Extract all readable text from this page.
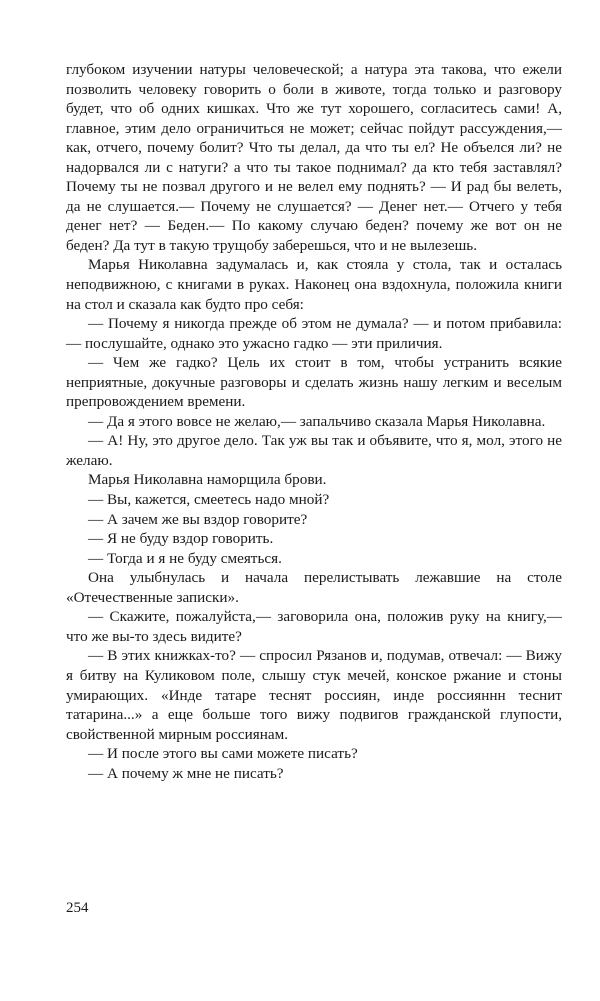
глубоком изучении натуры человеческой; а натура эта такова, что ежели позволить человеку говорить о боли в животе, тогда только и разговору будет, что об одних кишках. Что же тут хорошего, согласитесь сами! А, главное, этим дело ограничиться не может; сейчас пойдут рассуждения,— как, отчего, почему болит? Что ты делал, да что ты ел? Не объелся ли? не надорвался ли с натуги? а что ты такое поднимал? да кто тебя заставлял? Почему ты не позвал другого и не велел ему поднять? — И рад бы велеть, да не слушается.— Почему не слушается? — Денег нет.— Отчего у тебя денег нет? — Беден.— По какому случаю беден? почему же вот он не беден? Да тут в такую трущобу заберешься, что и не вылезешь.

Марья Николавна задумалась и, как стояла у стола, так и осталась неподвижною, с книгами в руках. Наконец она вздохнула, положила книги на стол и сказала как будто про себя:

— Почему я никогда прежде об этом не думала? — и потом прибавила: — послушайте, однако это ужасно гадко — эти приличия.

— Чем же гадко? Цель их стоит в том, чтобы устранить всякие неприятные, докучные разговоры и сделать жизнь нашу легким и веселым препровождением времени.

— Да я этого вовсе не желаю,— запальчиво сказала Марья Николавна.

— А! Ну, это другое дело. Так уж вы так и объявите, что я, мол, этого не желаю.

Марья Николавна наморщила брови.

— Вы, кажется, смеетесь надо мной?

— А зачем же вы вздор говорите?

— Я не буду вздор говорить.

— Тогда и я не буду смеяться.

Она улыбнулась и начала перелистывать лежавшие на столе «Отечественные записки».

— Скажите, пожалуйста,— заговорила она, положив руку на книгу,— что же вы-то здесь видите?

— В этих книжках-то? — спросил Рязанов и, подумав, отвечал: — Вижу я битву на Куликовом поле, слышу стук мечей, конское ржание и стоны умирающих. «Инде татаре теснят россиян, инде россияннн теснит татарина...» а еще больше того вижу подвигов гражданской глупости, свойственной мирным россиянам.

— И после этого вы сами можете писать?

— А почему ж мне не писать?

254
